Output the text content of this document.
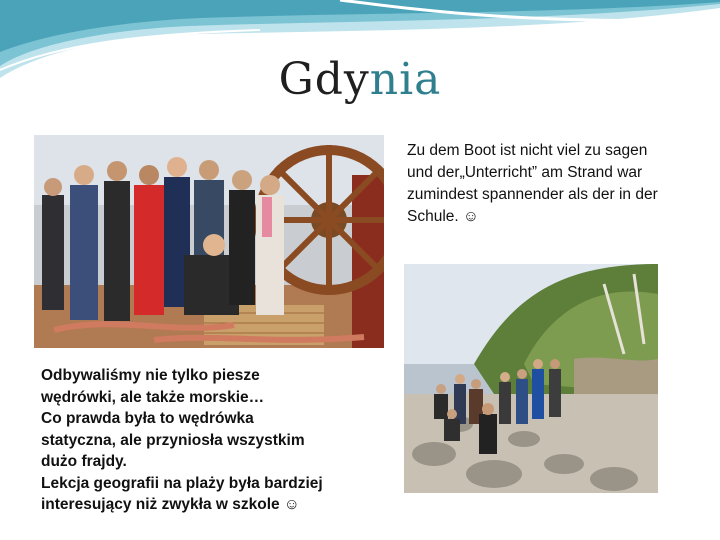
Gdynia

Zu dem Boot ist nicht viel zu sagen und der„Unterricht” am Strand war zumindest spannender als der in der Schule. ☺

Odbywaliśmy nie tylko piesze

wędrówki, ale także morskie…

Co prawda była to wędrówka

statyczna, ale przyniosła wszystkim

dużo frajdy.

Lekcja geografii na plaży była bardziej

interesujący niż zwykła w szkole ☺
